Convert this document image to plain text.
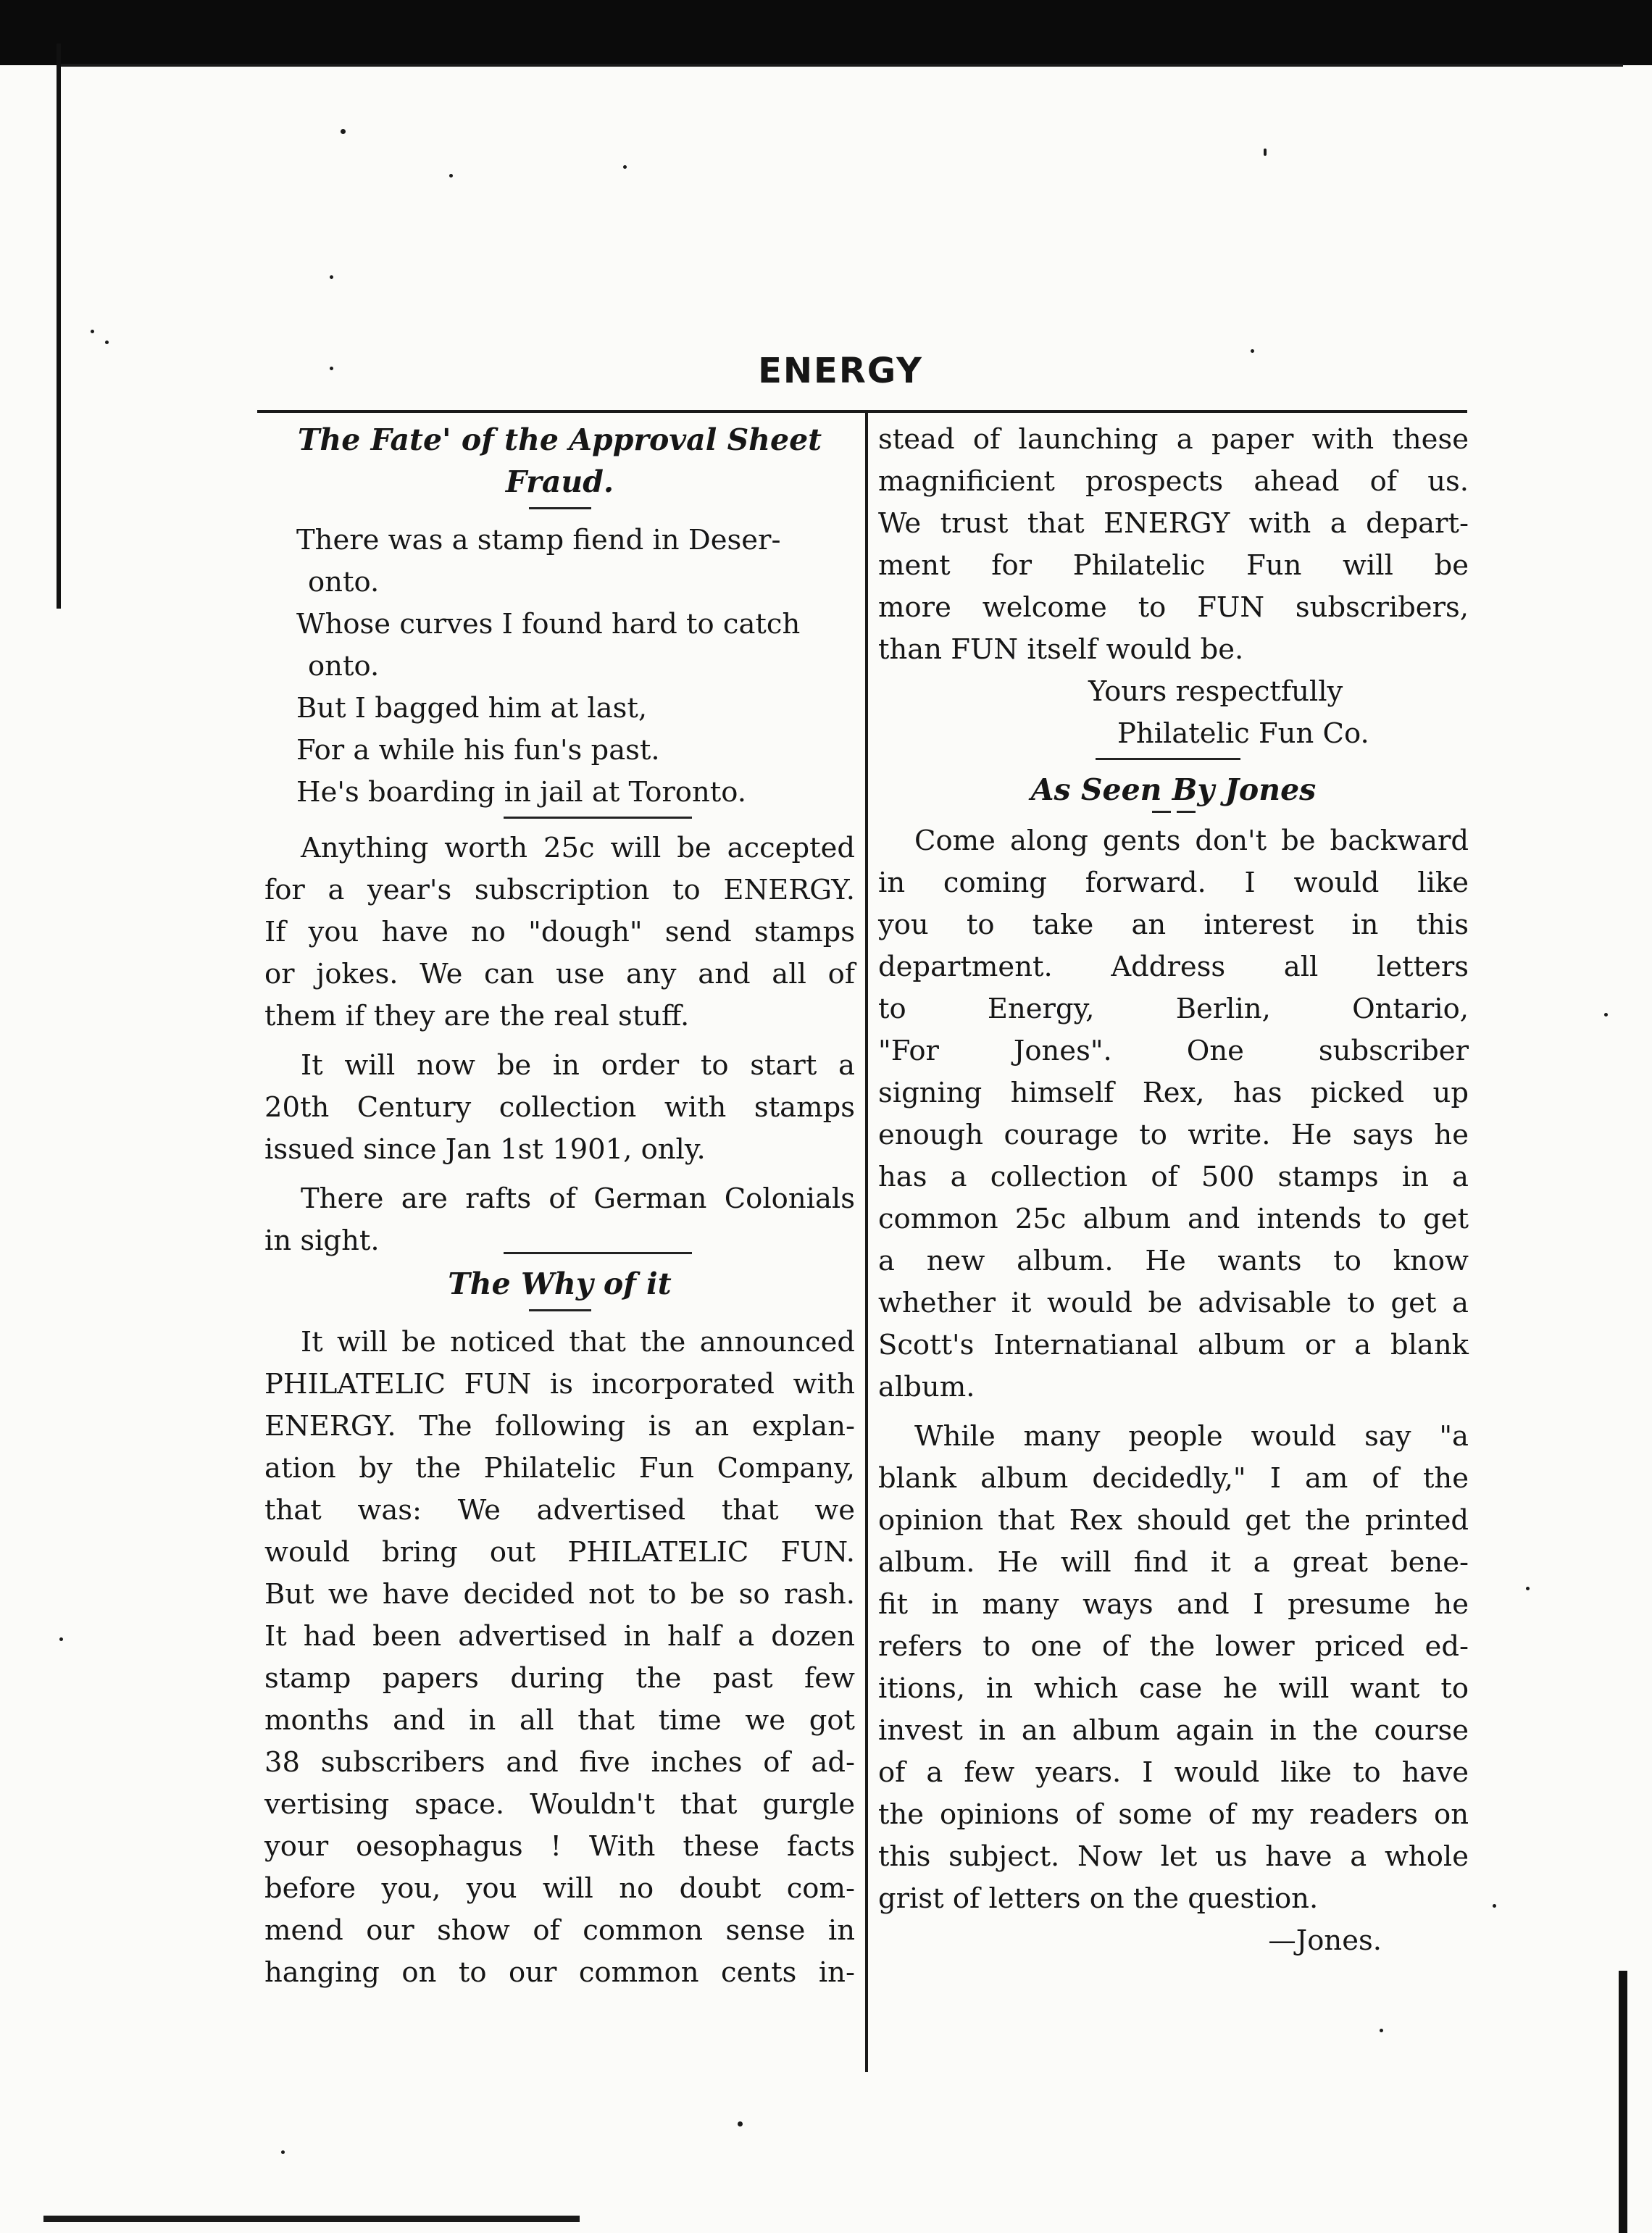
ENERGY

The Fate' of the Approval Sheet Fraud.

There was a stamp fiend in Deser-

onto.

Whose curves I found hard to catch

onto.

But I bagged him at last,

For a while his fun's past.

He's boarding in jail at Toronto.

Anything worth 25c will be accepted

for a year's subscription to ENERGY.

If you have no "dough" send stamps

or jokes. We can use any and all of

them if they are the real stuff.

It will now be in order to start a

20th Century collection with stamps

issued since Jan 1st 1901, only.

There are rafts of German Colonials

in sight.

The Why of it

It will be noticed that the announced

PHILATELIC FUN is incorporated with

ENERGY. The following is an explan-

ation by the Philatelic Fun Company,

that was: We advertised that we

would bring out PHILATELIC FUN.

But we have decided not to be so rash.

It had been advertised in half a dozen

stamp papers during the past few

months and in all that time we got

38 subscribers and five inches of ad-

vertising space. Wouldn't that gurgle

your oesophagus ! With these facts

before you, you will no doubt com-

mend our show of common sense in

hanging on to our common cents in-

stead of launching a paper with these

magnificient prospects ahead of us.

We trust that ENERGY with a depart-

ment for Philatelic Fun will be

more welcome to FUN subscribers,

than FUN itself would be.

Yours respectfully

Philatelic Fun Co.

As Seen By Jones

Come along gents don't be backward

in coming forward. I would like

you to take an interest in this

department. Address all letters

to Energy, Berlin, Ontario,

"For Jones". One subscriber

signing himself Rex, has picked up

enough courage to write. He says he

has a collection of 500 stamps in a

common 25c album and intends to get

a new album. He wants to know

whether it would be advisable to get a

Scott's Internatianal album or a blank

album.

While many people would say "a

blank album decidedly," I am of the

opinion that Rex should get the printed

album. He will find it a great bene-

fit in many ways and I presume he

refers to one of the lower priced ed-

itions, in which case he will want to

invest in an album again in the course

of a few years. I would like to have

the opinions of some of my readers on

this subject. Now let us have a whole

grist of letters on the question.

—Jones.
